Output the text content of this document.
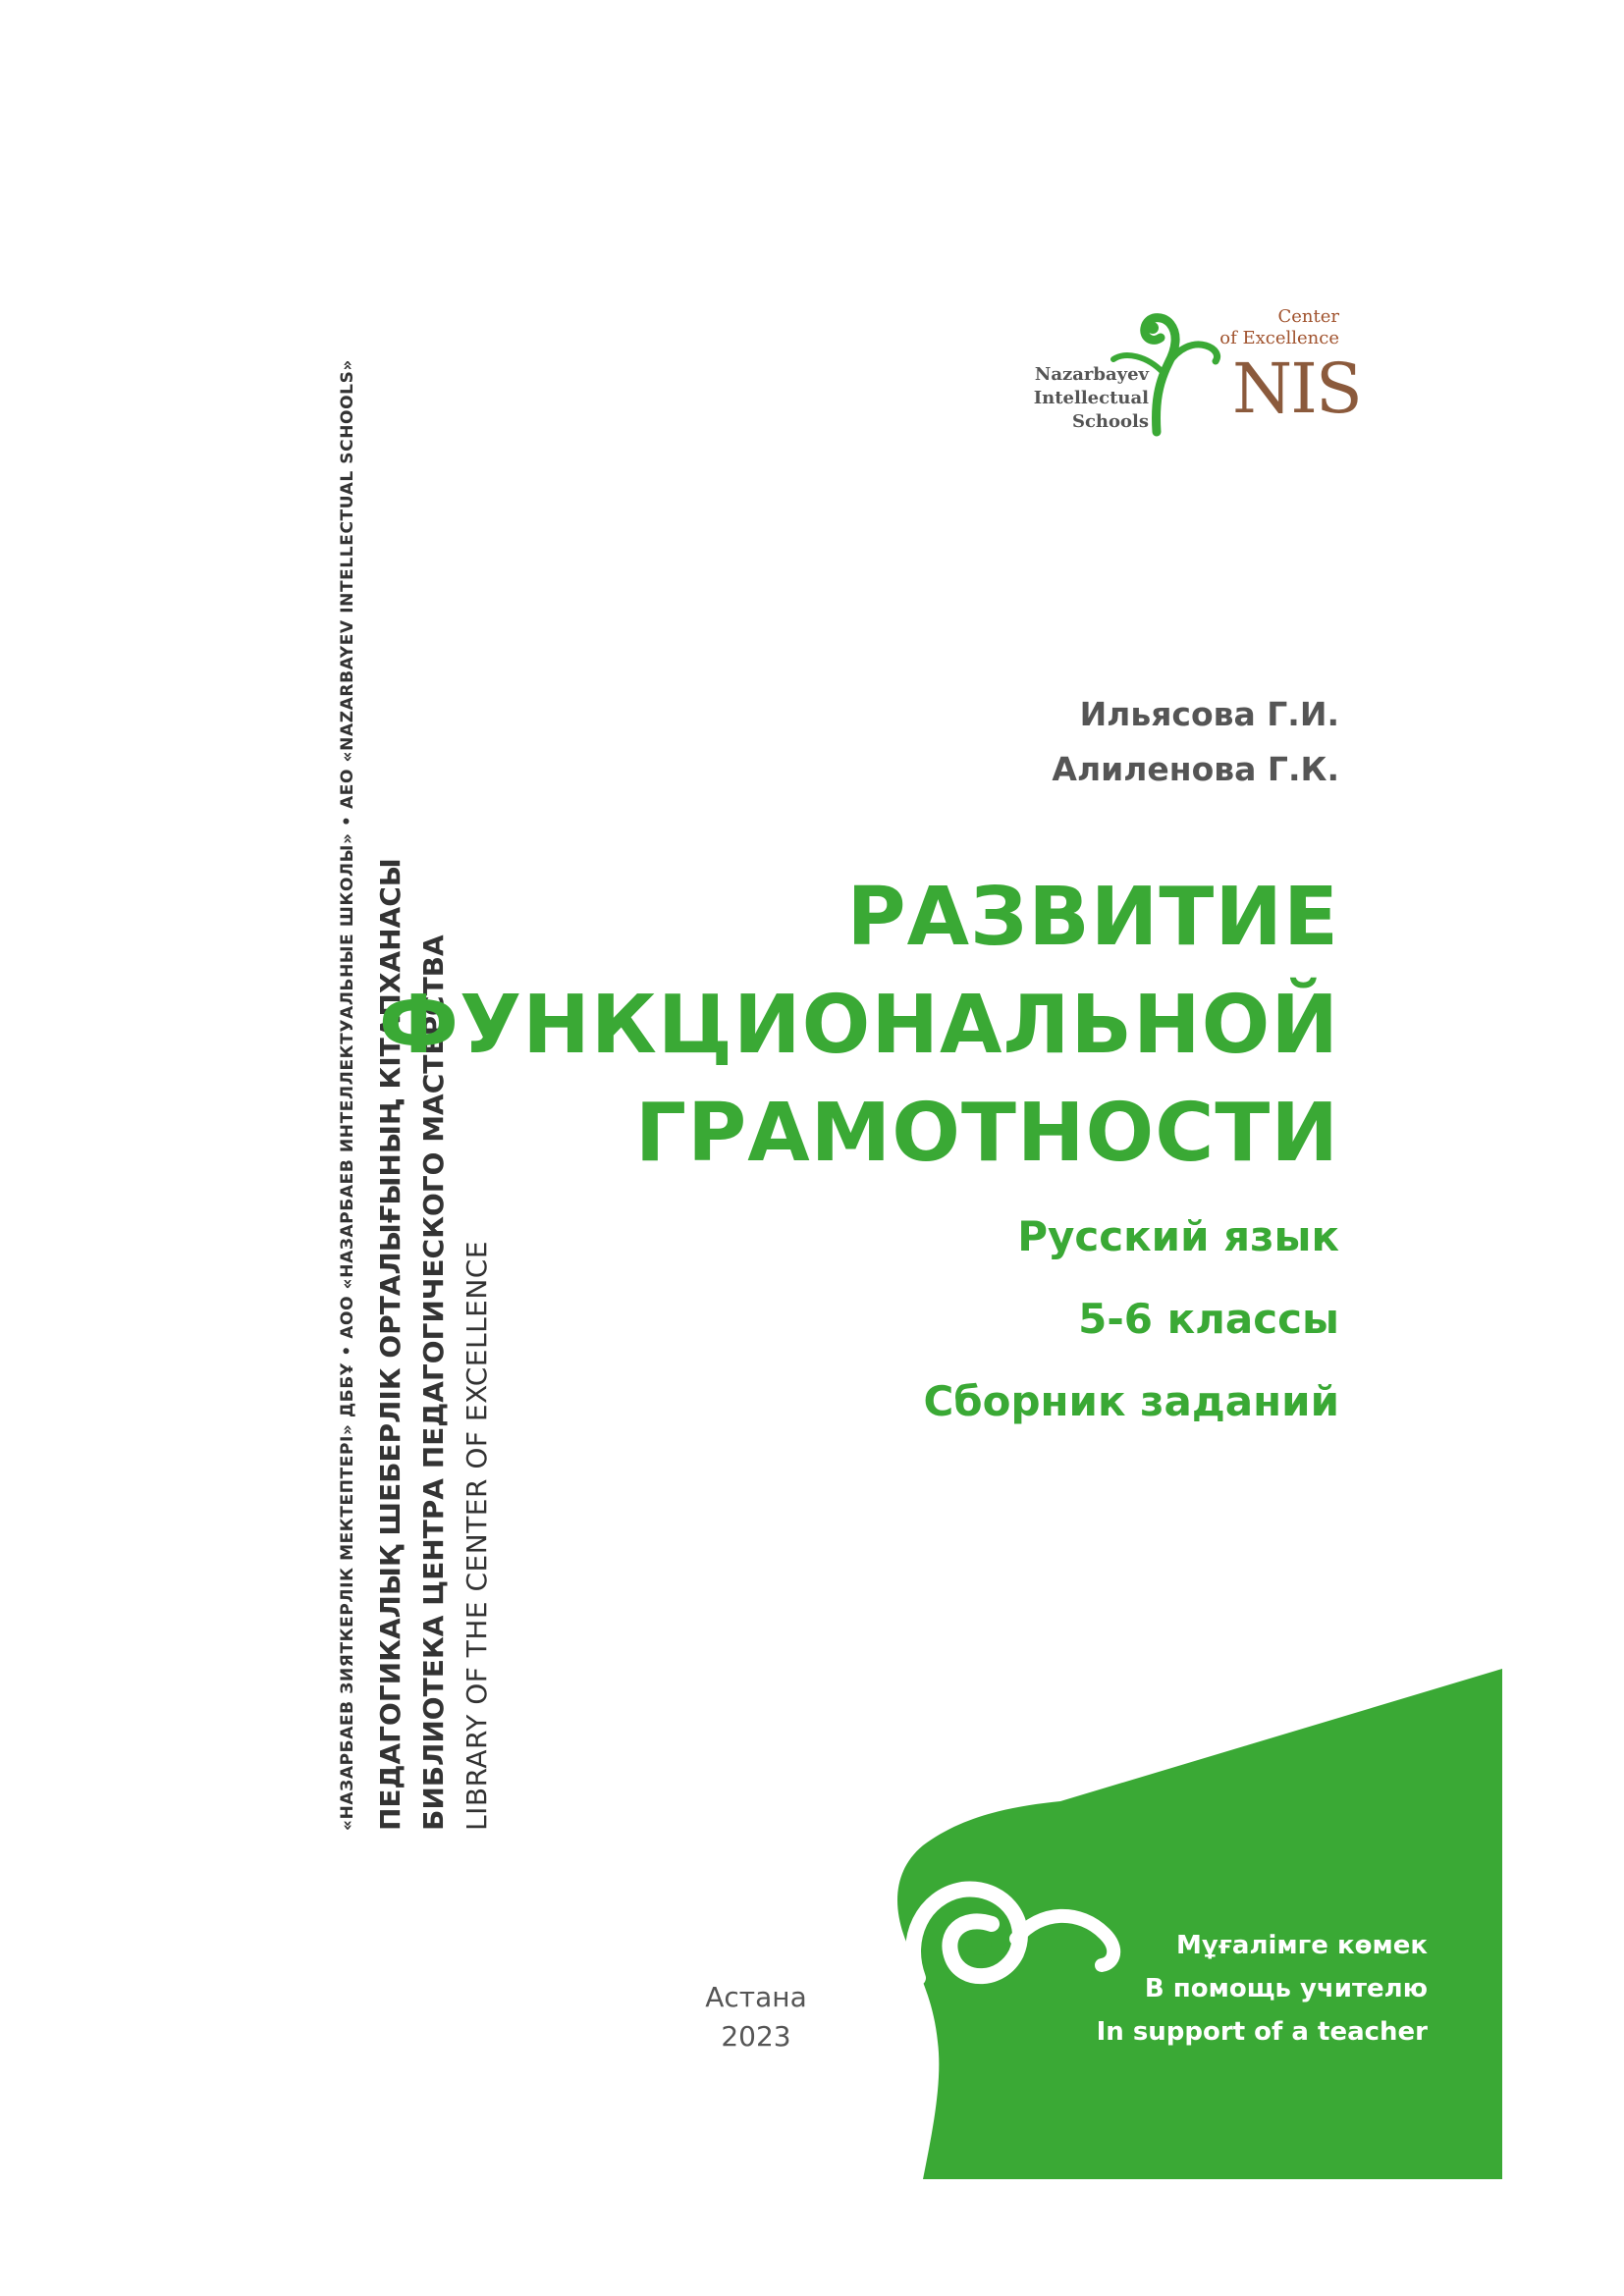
«НАЗАРБАЕВ ЗИЯТКЕРЛІК МЕКТЕПТЕРІ» ДББҰ • АОО «НАЗАРБАЕВ ИНТЕЛЛЕКТУАЛЬНЫЕ ШКОЛЫ» • АЕО «NAZARBAYEV INTELLECTUAL SCHOOLS» ПЕДАГОГИКАЛЫҚ ШЕБЕРЛІК ОРТАЛЫҒЫНЫҢ КІТАПХАНАСЫ БИБЛИОТЕКА ЦЕНТРА ПЕДАГОГИЧЕСКОГО МАСТЕРСТВА LIBRARY OF THE CENTER OF EXCELLENCE
Center
of Excellence
Nazarbayev
Intellectual
Schools NIS
Ильясова Г.И.
Алиленова Г.К.
РАЗВИТИЕ
ФУНКЦИОНАЛЬНОЙ
ГРАМОТНОСТИ
Русский язык
5-6 классы
Сборник заданий
Мұғалімге көмек
В помощь учителю
In support of a teacher
Астана
2023
